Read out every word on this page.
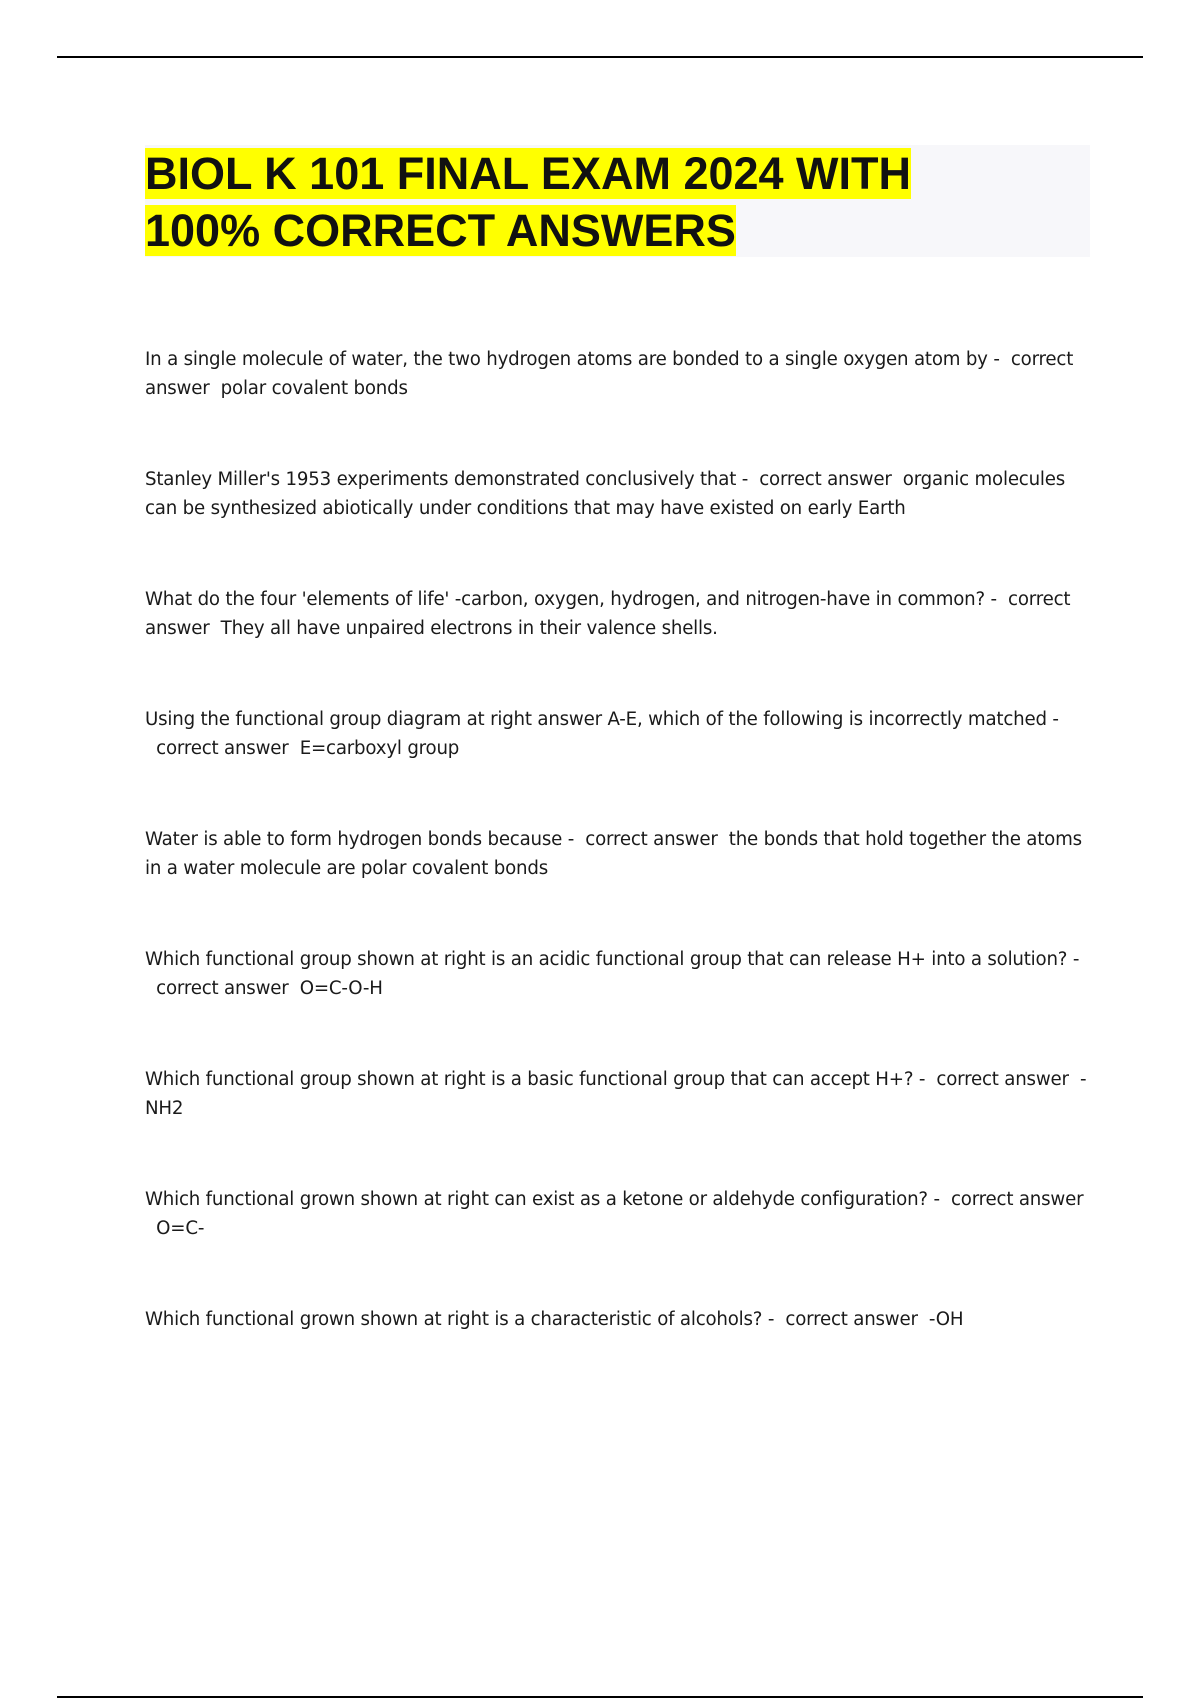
BIOL K 101 FINAL EXAM 2024 WITH
100% CORRECT ANSWERS
In a single molecule of water, the two hydrogen atoms are bonded to a single oxygen atom by - correct answer polar covalent bonds
Stanley Miller's 1953 experiments demonstrated conclusively that - correct answer organic molecules can be synthesized abiotically under conditions that may have existed on early Earth
What do the four 'elements of life' -carbon, oxygen, hydrogen, and nitrogen-have in common? - correct answer They all have unpaired electrons in their valence shells.
Using the functional group diagram at right answer A-E, which of the following is incorrectly matched -  correct answer E=carboxyl group
Water is able to form hydrogen bonds because - correct answer the bonds that hold together the atoms in a water molecule are polar covalent bonds
Which functional group shown at right is an acidic functional group that can release H+ into a solution? -  correct answer O=C-O-H
Which functional group shown at right is a basic functional group that can accept H+? - correct answer -NH2
Which functional grown shown at right can exist as a ketone or aldehyde configuration? - correct answer  O=C-
Which functional grown shown at right is a characteristic of alcohols? - correct answer -OH
